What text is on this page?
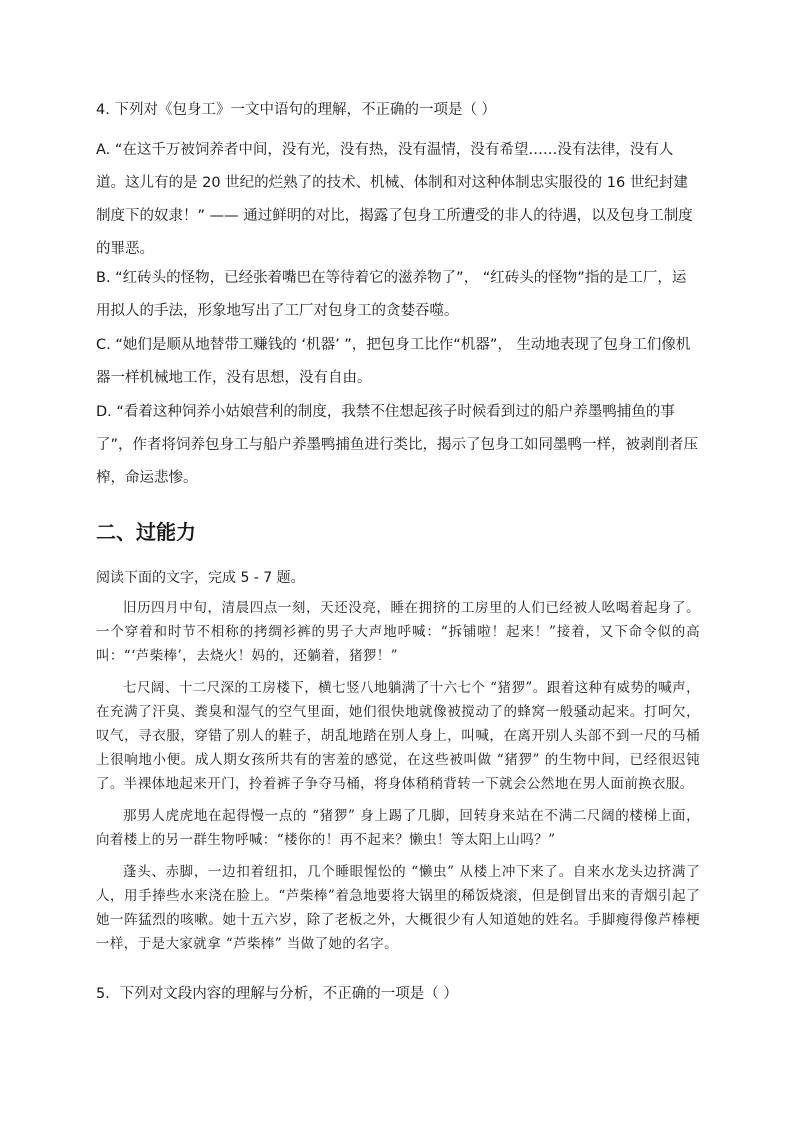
4. 下列对《包身工》一文中语句的理解，不正确的一项是（ ）
A. “在这千万被饲养者中间，没有光，没有热，没有温情，没有希望……没有法律，没有人道。这儿有的是 20 世纪的烂熟了的技术、机械、体制和对这种体制忠实服役的 16 世纪封建制度下的奴隶！” —— 通过鲜明的对比，揭露了包身工所遭受的非人的待遇，以及包身工制度的罪恶。
B. “红砖头的怪物，已经张着嘴巴在等待着它的滋养物了”， “红砖头的怪物”指的是工厂，运用拟人的手法，形象地写出了工厂对包身工的贪婪吞噬。
C. “她们是顺从地替带工赚钱的 ‘机器’ ”，把包身工比作“机器”， 生动地表现了包身工们像机器一样机械地工作，没有思想，没有自由。
D. “看着这种饲养小姑娘营利的制度，我禁不住想起孩子时候看到过的船户养墨鸭捕鱼的事了”，作者将饲养包身工与船户养墨鸭捕鱼进行类比，揭示了包身工如同墨鸭一样，被剥削者压榨，命运悲惨。
二、过能力
阅读下面的文字，完成 5 - 7 题。

旧历四月中旬，清晨四点一刻，天还没亮，睡在拥挤的工房里的人们已经被人吆喝着起身了。一个穿着和时节不相称的拷绸衫裤的男子大声地呼喊：“拆铺啦！起来！”接着，又下命令似的高叫：“‘芦柴棒’，去烧火！妈的，还躺着，猪猡！”

七尺阔、十二尺深的工房楼下，横七竖八地躺满了十六七个 “猪猡”。跟着这种有威势的喊声，在充满了汗臭、粪臭和湿气的空气里面，她们很快地就像被搅动了的蜂窝一般骚动起来。打呵欠，叹气，寻衣服，穿错了别人的鞋子，胡乱地踏在别人身上，叫喊，在离开别人头部不到一尺的马桶上很响地小便。成人期女孩所共有的害羞的感觉，在这些被叫做 “猪猡” 的生物中间，已经很迟钝了。半裸体地起来开门，拎着裤子争夺马桶，将身体稍稍背转一下就会公然地在男人面前换衣服。

那男人虎虎地在起得慢一点的 “猪猡” 身上踢了几脚，回转身来站在不满二尺阔的楼梯上面，向着楼上的另一群生物呼喊：“楼你的！再不起来？懒虫！等太阳上山吗？”

蓬头、赤脚，一边扣着纽扣，几个睡眼惺忪的 “懒虫” 从楼上冲下来了。自来水龙头边挤满了人，用手捧些水来浇在脸上。“芦柴棒”着急地要将大锅里的稀饭烧滚，但是倒冒出来的青烟引起了她一阵猛烈的咳嗽。她十五六岁，除了老板之外，大概很少有人知道她的姓名。手脚瘦得像芦棒梗一样，于是大家就拿 “芦柴棒” 当做了她的名字。

5．下列对文段内容的理解与分析，不正确的一项是（ ）
